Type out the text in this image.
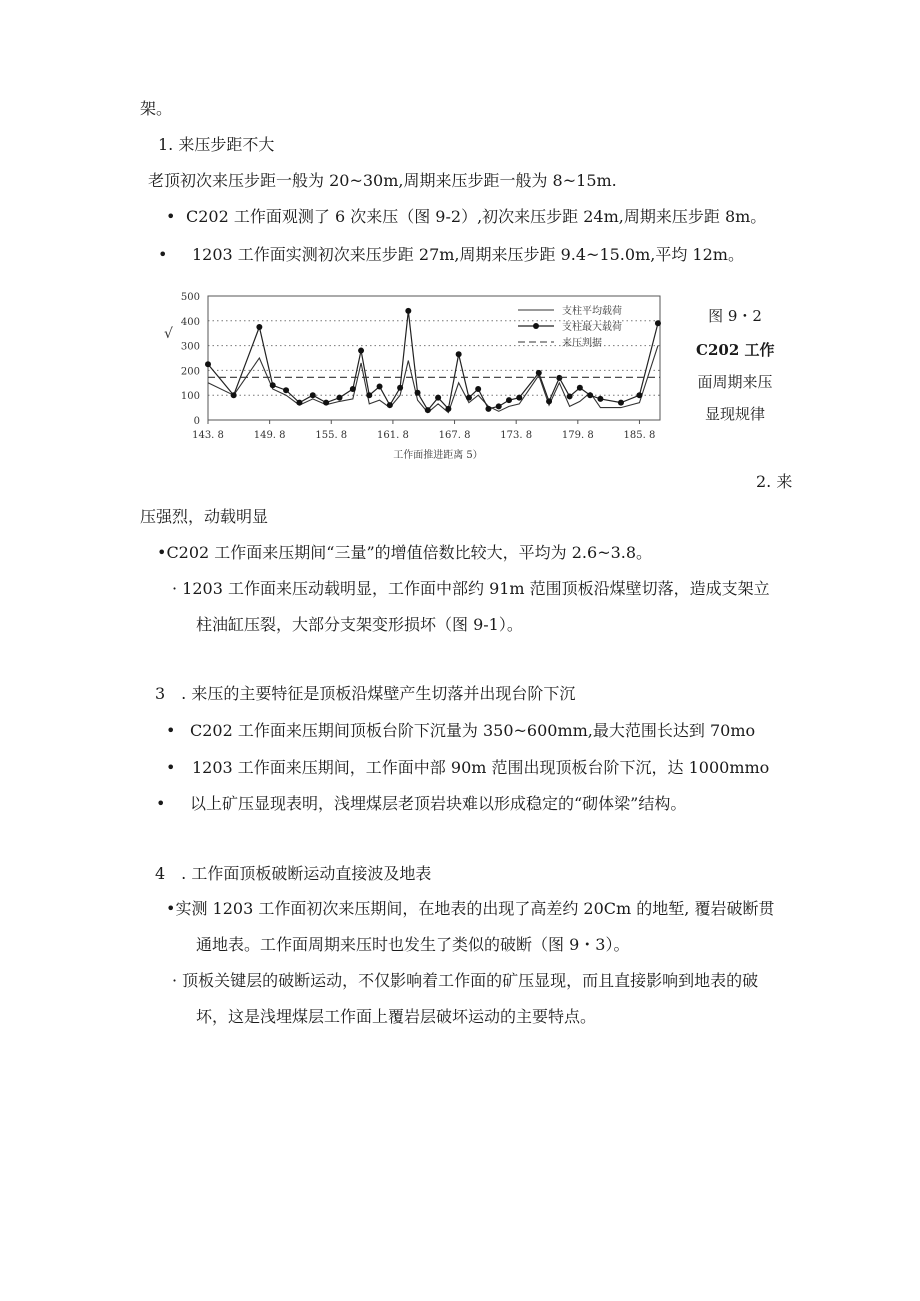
架。
1. 来压步距不大
老顶初次来压步距一般为 20~30m,周期来压步距一般为 8~15m.
• C202 工作面观测了 6 次来压（图 9-2）,初次来压步距 24m,周期来压步距 8m。
• 1203 工作面实测初次来压步距 27m,周期来压步距 9.4~15.0m,平均 12m。
0
100
200
300
400
500
143. 8	149. 8	155. 8	161. 8	167. 8	173. 8	179. 8	185. 8
支柱平均载荷
支柱最大载荷
来压判据
工作面推进距离 5）
√
图 9・2
C202 工作
面周期来压
显现规律
2. 来
压强烈，动载明显
•C202 工作面来压期间“三量”的增值倍数比较大，平均为 2.6~3.8。
· 1203 工作面来压动载明显，工作面中部约 91m 范围顶板沿煤壁切落，造成支架立
柱油缸压裂，大部分支架变形损坏（图 9-1）。
3　. 来压的主要特征是顶板沿煤壁产生切落并出现台阶下沉
• C202 工作面来压期间顶板台阶下沉量为 350~600mm,最大范围长达到 70mo
• 1203 工作面来压期间，工作面中部 90m 范围出现顶板台阶下沉，达 1000mmo
• 以上矿压显现表明，浅埋煤层老顶岩块难以形成稳定的“砌体梁”结构。
4　. 工作面顶板破断运动直接波及地表
•实测 1203 工作面初次来压期间，在地表的出现了高差约 20Cm 的地堑, 覆岩破断贯
通地表。工作面周期来压时也发生了类似的破断（图 9・3）。
· 顶板关键层的破断运动，不仅影响着工作面的矿压显现，而且直接影响到地表的破
坏，这是浅埋煤层工作面上覆岩层破坏运动的主要特点。
